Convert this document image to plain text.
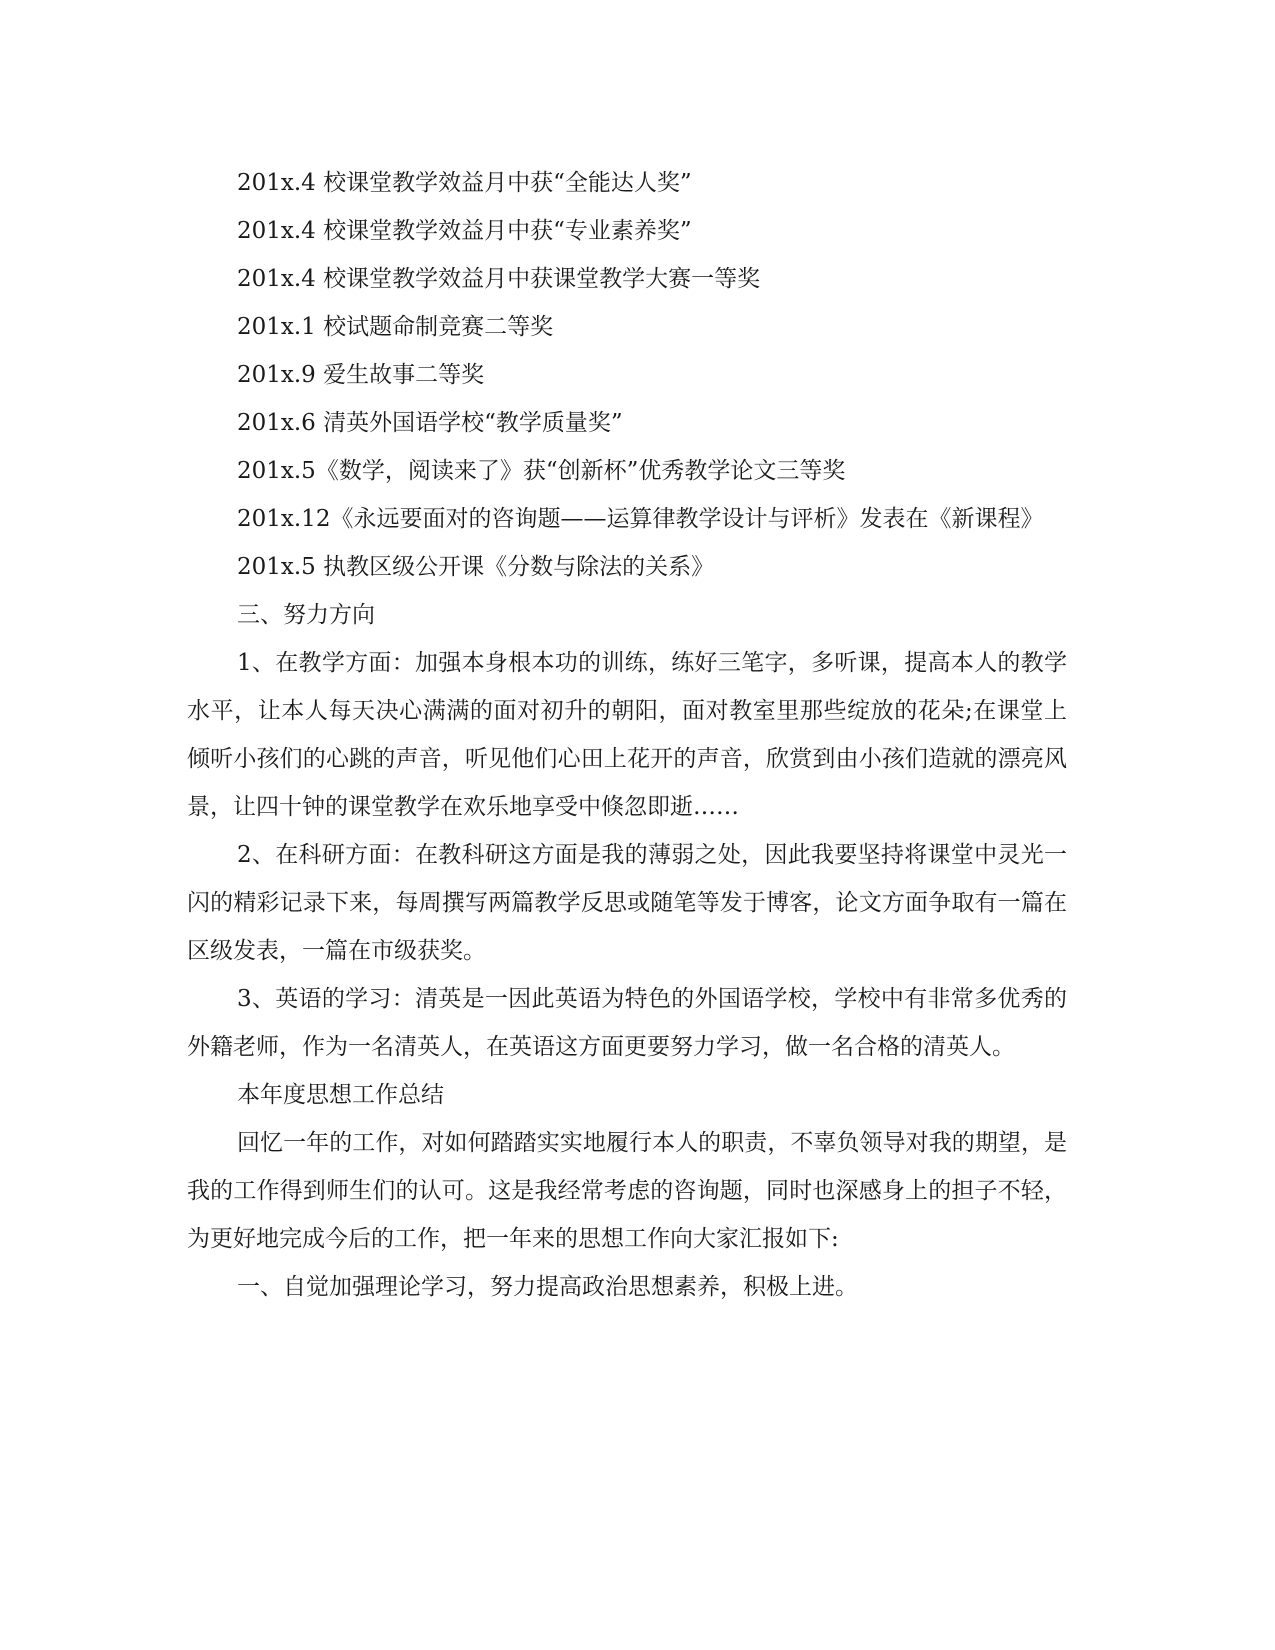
201x.4 校课堂教学效益月中获“全能达人奖”

201x.4 校课堂教学效益月中获“专业素养奖”

201x.4 校课堂教学效益月中获课堂教学大赛一等奖

201x.1 校试题命制竞赛二等奖

201x.9 爱生故事二等奖

201x.6 清英外国语学校“教学质量奖”

201x.5《数学，阅读来了》获“创新杯”优秀教学论文三等奖

201x.12《永远要面对的咨询题——运算律教学设计与评析》发表在《新课程》

201x.5 执教区级公开课《分数与除法的关系》

三、努力方向

1、在教学方面：加强本身根本功的训练，练好三笔字，多听课，提高本人的教学水平，让本人每天决心满满的面对初升的朝阳，面对教室里那些绽放的花朵;在课堂上倾听小孩们的心跳的声音，听见他们心田上花开的声音，欣赏到由小孩们造就的漂亮风景，让四十钟的课堂教学在欢乐地享受中倏忽即逝……

2、在科研方面：在教科研这方面是我的薄弱之处，因此我要坚持将课堂中灵光一闪的精彩记录下来，每周撰写两篇教学反思或随笔等发于博客，论文方面争取有一篇在区级发表，一篇在市级获奖。

3、英语的学习：清英是一因此英语为特色的外国语学校，学校中有非常多优秀的外籍老师，作为一名清英人，在英语这方面更要努力学习，做一名合格的清英人。

本年度思想工作总结

回忆一年的工作，对如何踏踏实实地履行本人的职责，不辜负领导对我的期望，是我的工作得到师生们的认可。这是我经常考虑的咨询题，同时也深感身上的担子不轻，为更好地完成今后的工作，把一年来的思想工作向大家汇报如下:

一、自觉加强理论学习，努力提高政治思想素养，积极上进。
